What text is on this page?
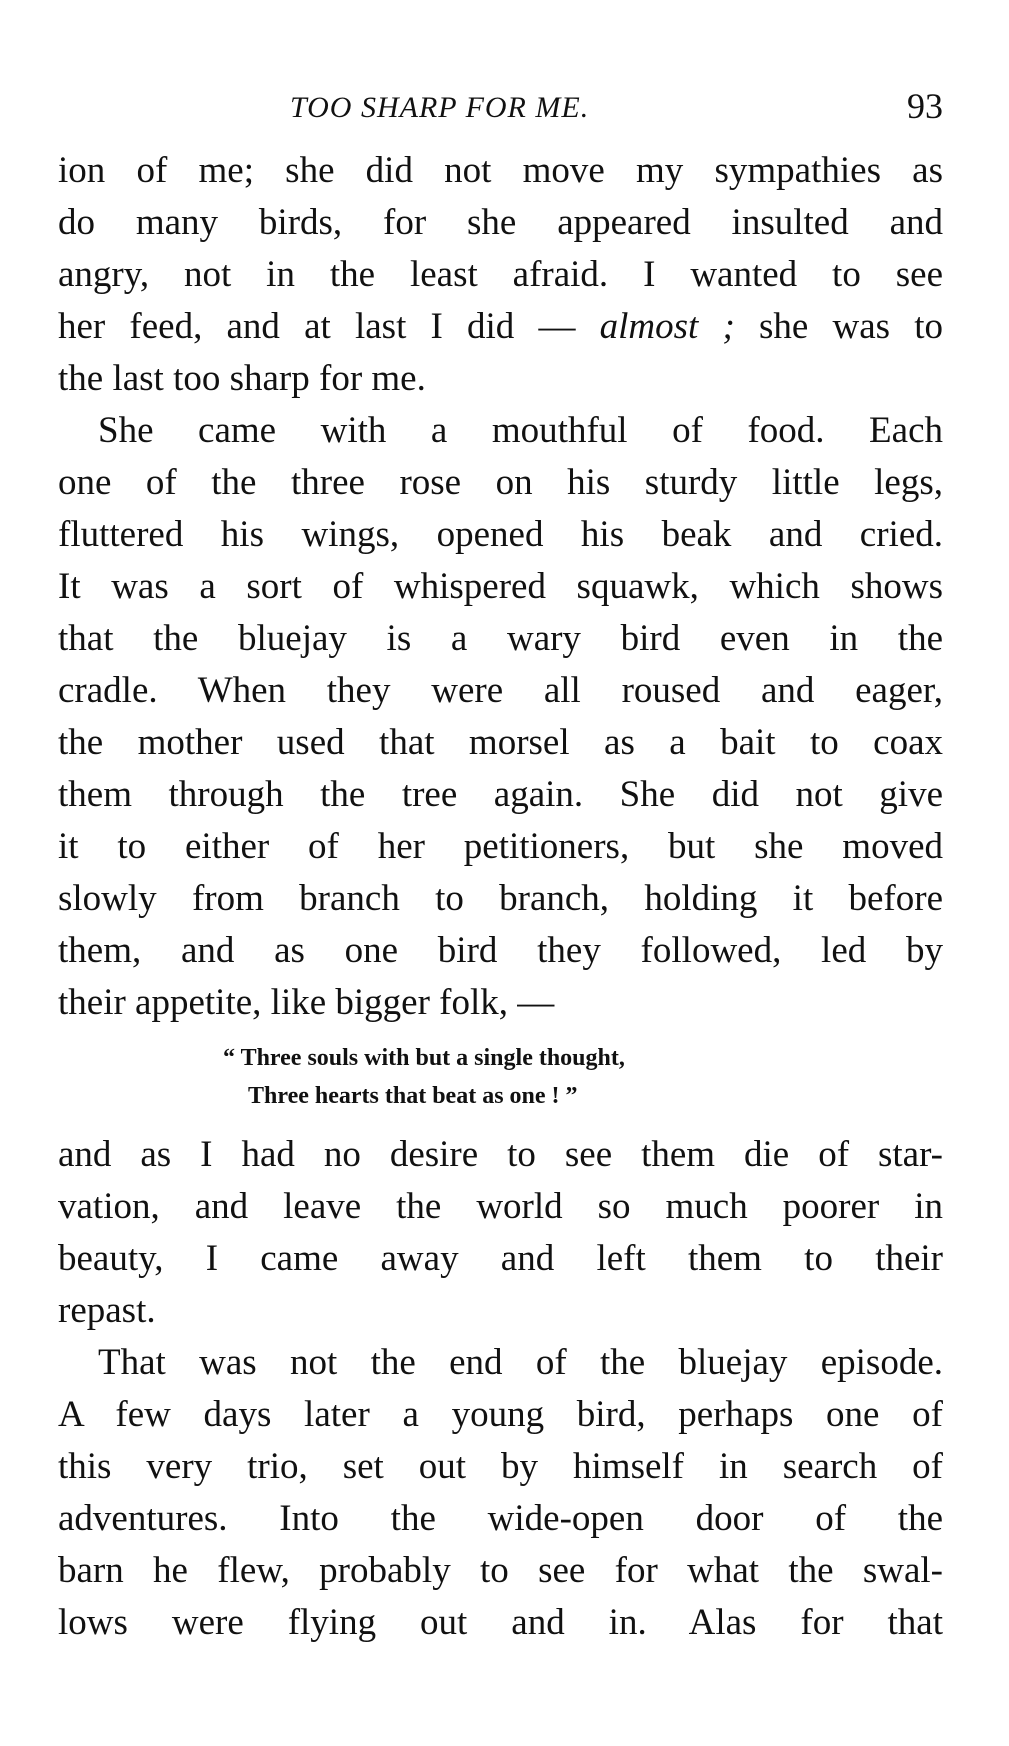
TOO SHARP FOR ME.	93

ion of me; she did not move my sympathies as
do many birds, for she appeared insulted and
angry, not in the least afraid. I wanted to see
her feed, and at last I did — almost ; she was to
the last too sharp for me.

She came with a mouthful of food. Each
one of the three rose on his sturdy little legs,
fluttered his wings, opened his beak and cried.
It was a sort of whispered squawk, which shows
that the bluejay is a wary bird even in the
cradle. When they were all roused and eager,
the mother used that morsel as a bait to coax
them through the tree again. She did not give
it to either of her petitioners, but she moved
slowly from branch to branch, holding it before
them, and as one bird they followed, led by
their appetite, like bigger folk, —

“ Three souls with but a single thought,
Three hearts that beat as one ! ”

and as I had no desire to see them die of star-
vation, and leave the world so much poorer in
beauty, I came away and left them to their
repast.

That was not the end of the bluejay episode.
A few days later a young bird, perhaps one of
this very trio, set out by himself in search of
adventures. Into the wide-open door of the
barn he flew, probably to see for what the swal-
lows were flying out and in. Alas for that
